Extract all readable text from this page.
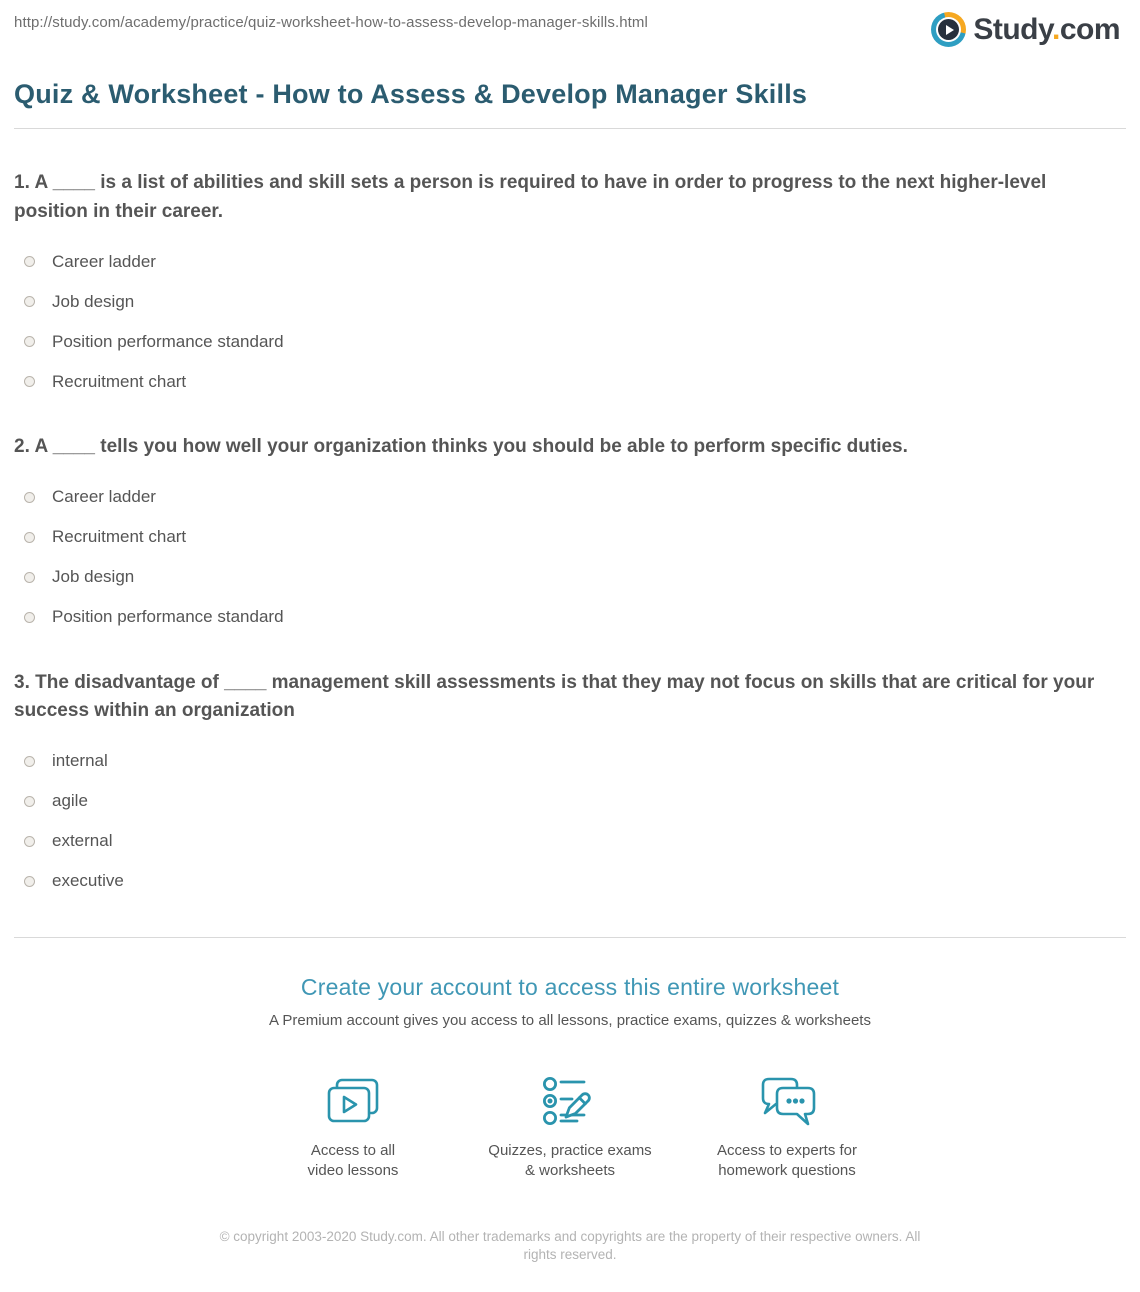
http://study.com/academy/practice/quiz-worksheet-how-to-assess-develop-manager-skills.html	Study.com
Quiz & Worksheet - How to Assess & Develop Manager Skills
1. A ____ is a list of abilities and skill sets a person is required to have in order to progress to the next higher-level position in their career.
Career ladder
Job design
Position performance standard
Recruitment chart
2. A ____ tells you how well your organization thinks you should be able to perform specific duties.
Career ladder
Recruitment chart
Job design
Position performance standard
3. The disadvantage of ____ management skill assessments is that they may not focus on skills that are critical for your success within an organization
internal
agile
external
executive
Create your account to access this entire worksheet
A Premium account gives you access to all lessons, practice exams, quizzes & worksheets
Access to all
video lessons
Quizzes, practice exams
& worksheets
Access to experts for
homework questions
© copyright 2003-2020 Study.com. All other trademarks and copyrights are the property of their respective owners. All rights reserved.
